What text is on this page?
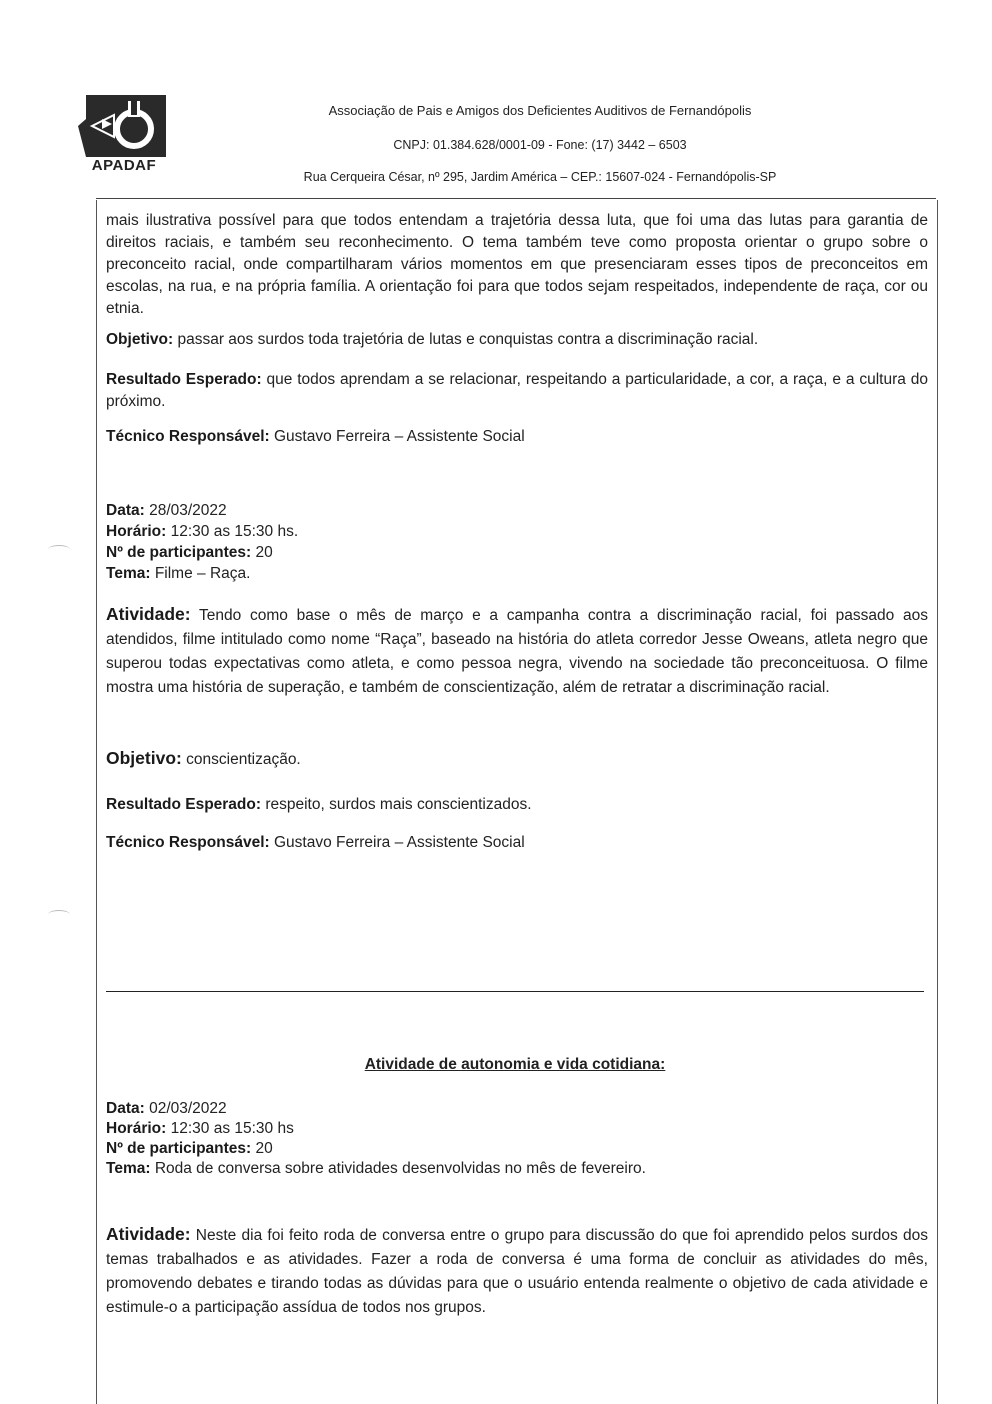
APADAF
Associação de Pais e Amigos dos Deficientes Auditivos de Fernandópolis
CNPJ: 01.384.628/0001-09 - Fone: (17) 3442 – 6503
Rua Cerqueira César, nº 295, Jardim América – CEP.: 15607-024 - Fernandópolis-SP

mais ilustrativa possível para que todos entendam a trajetória dessa luta, que foi uma das lutas para garantia de direitos raciais, e também seu reconhecimento. O tema também teve como proposta orientar o grupo sobre o preconceito racial, onde compartilharam vários momentos em que presenciaram esses tipos de preconceitos em escolas, na rua, e na própria família. A orientação foi para que todos sejam respeitados, independente de raça, cor ou etnia.

Objetivo: passar aos surdos toda trajetória de lutas e conquistas contra a discriminação racial.

Resultado Esperado: que todos aprendam a se relacionar, respeitando a particularidade, a cor, a raça, e a cultura do próximo.

Técnico Responsável: Gustavo Ferreira – Assistente Social

Data: 28/03/2022

Horário: 12:30 as 15:30 hs.

Nº de participantes: 20

Tema: Filme – Raça.

Atividade: Tendo como base o mês de março e a campanha contra a discriminação racial, foi passado aos atendidos, filme intitulado como nome “Raça”, baseado na história do atleta corredor Jesse Oweans, atleta negro que superou todas expectativas como atleta, e como pessoa negra, vivendo na sociedade tão preconceituosa. O filme mostra uma história de superação, e também de conscientização, além de retratar a discriminação racial.

Objetivo: conscientização.

Resultado Esperado: respeito, surdos mais conscientizados.

Técnico Responsável: Gustavo Ferreira – Assistente Social

Atividade de autonomia e vida cotidiana:

Data: 02/03/2022

Horário: 12:30 as 15:30 hs

Nº de participantes: 20

Tema: Roda de conversa sobre atividades desenvolvidas no mês de fevereiro.

Atividade: Neste dia foi feito roda de conversa entre o grupo para discussão do que foi aprendido pelos surdos dos temas trabalhados e as atividades. Fazer a roda de conversa é uma forma de concluir as atividades do mês, promovendo debates e tirando todas as dúvidas para que o usuário entenda realmente o objetivo de cada atividade e estimule-o a participação assídua de todos nos grupos.
